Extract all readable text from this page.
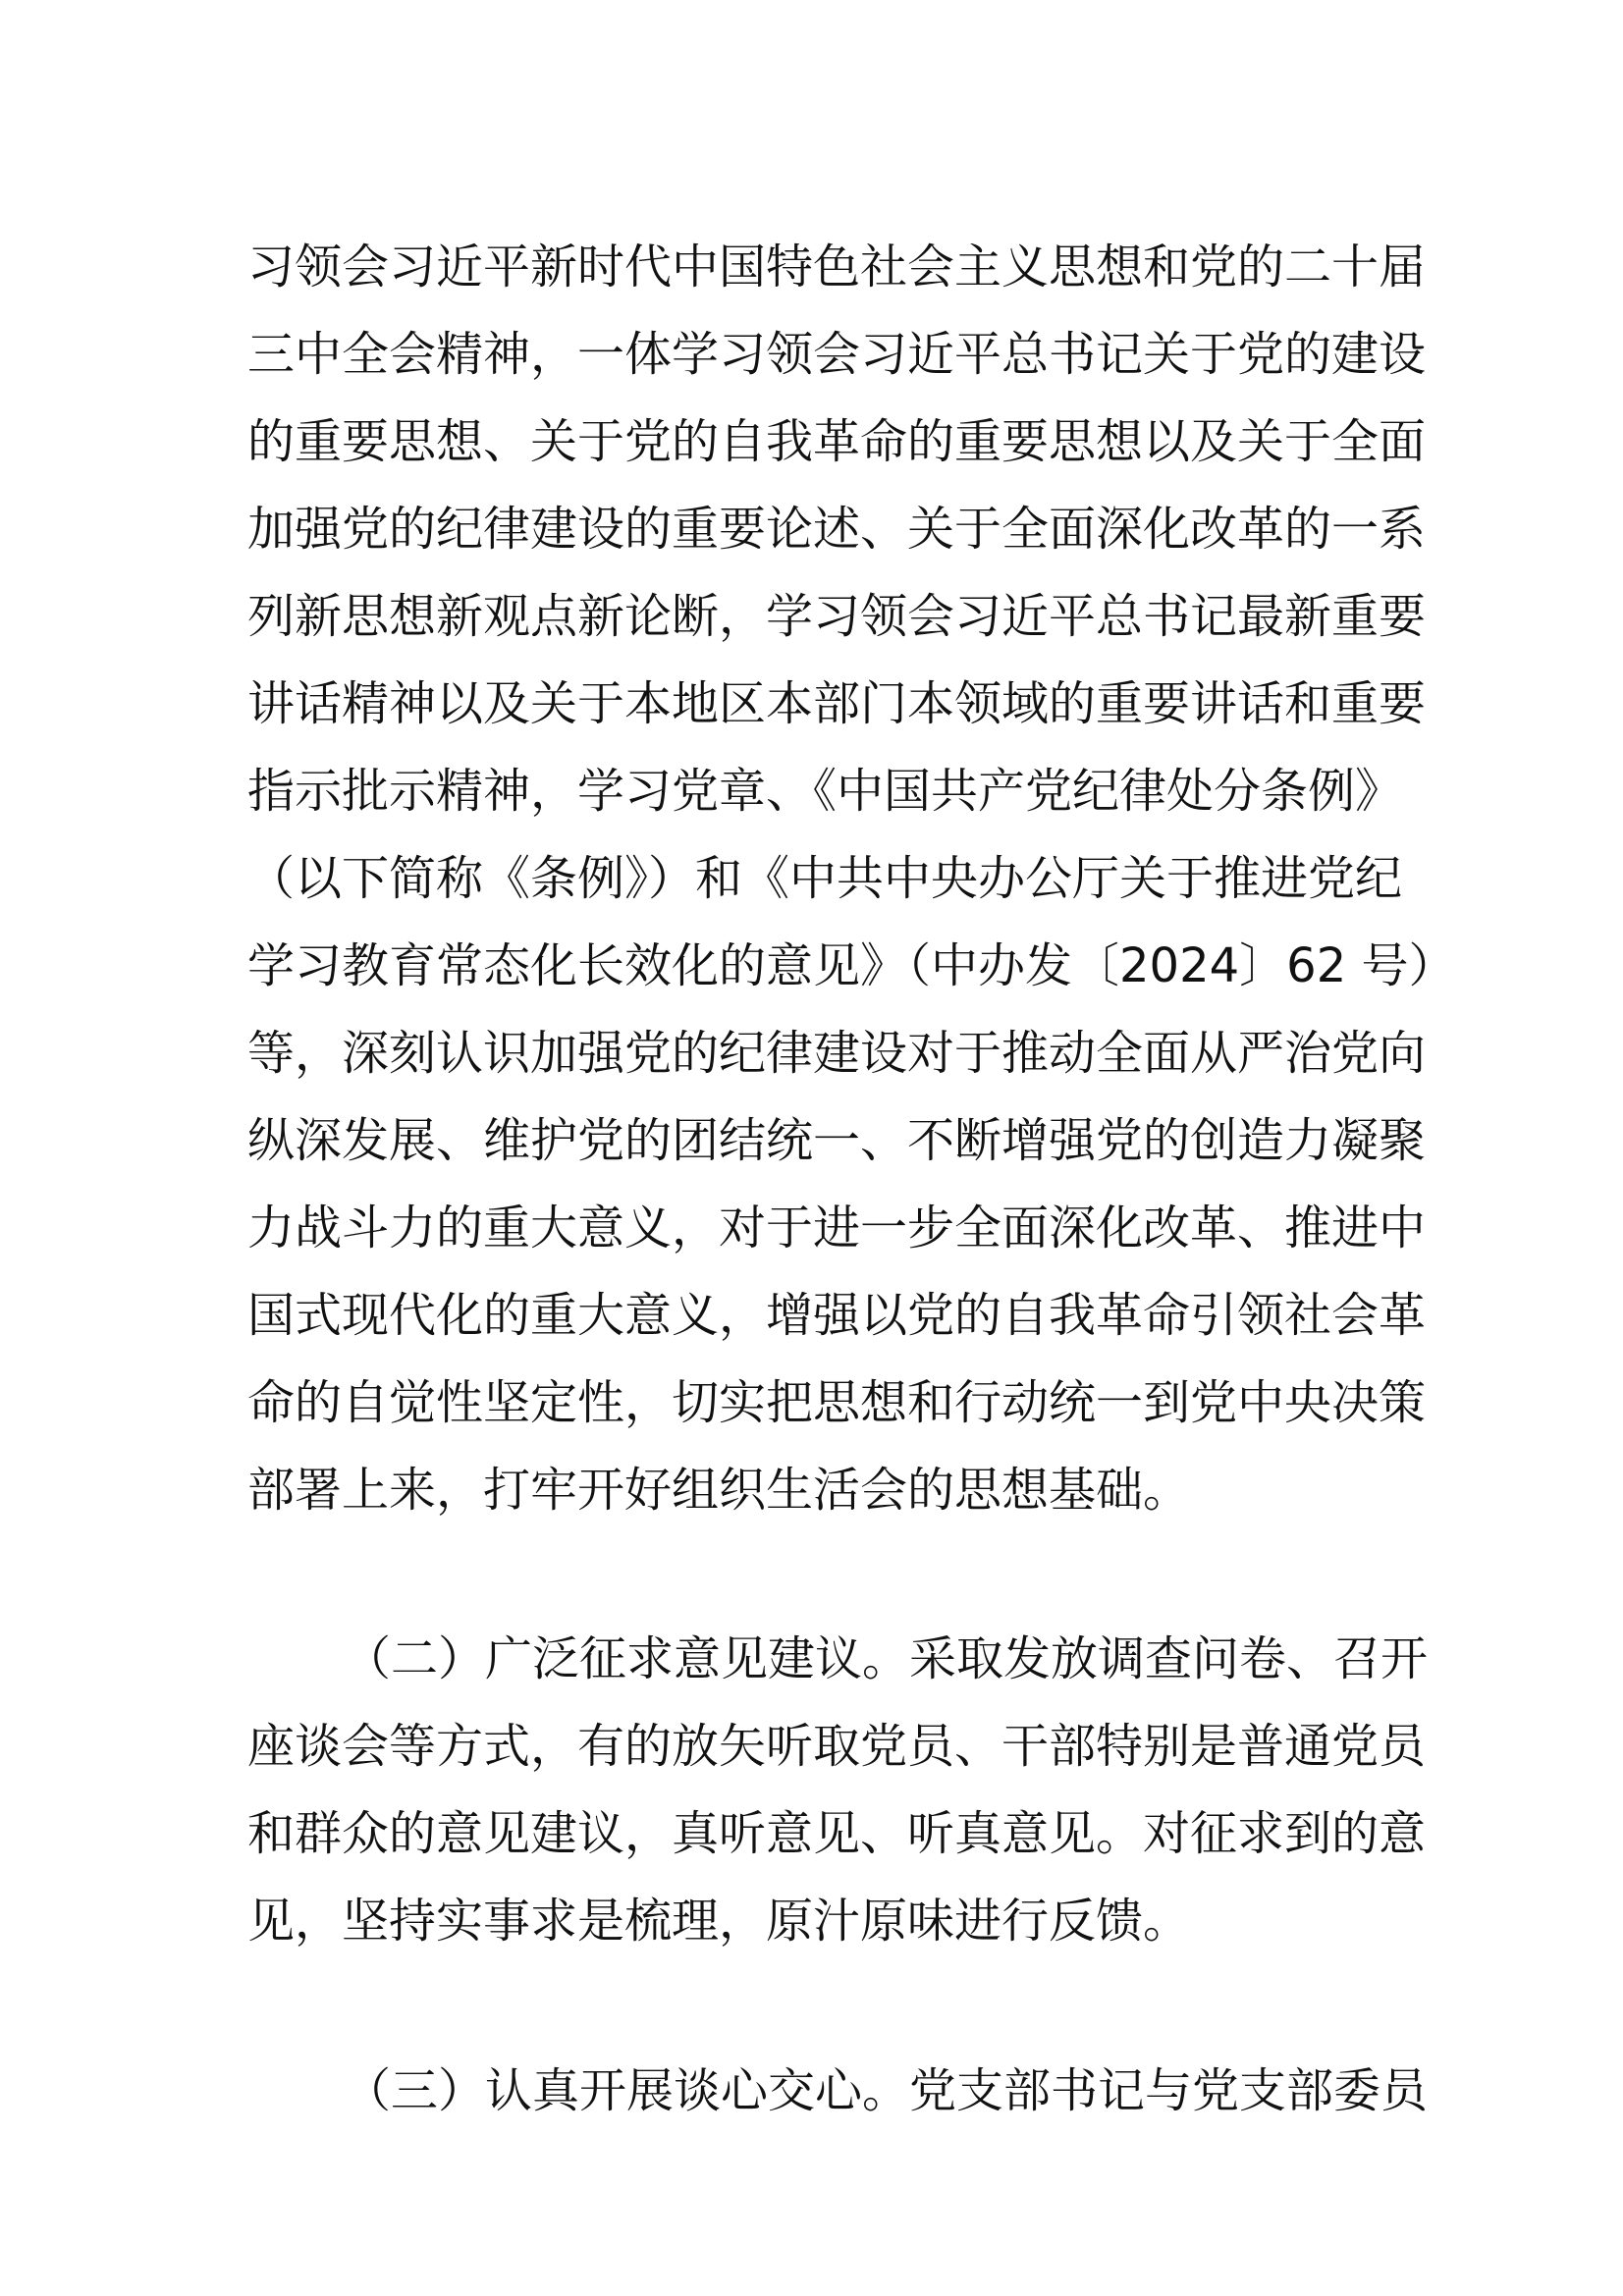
习领会习近平新时代中国特色社会主义思想和党的二十届
三中全会精神，一体学习领会习近平总书记关于党的建设
的重要思想、关于党的自我革命的重要思想以及关于全面
加强党的纪律建设的重要论述、关于全面深化改革的一系
列新思想新观点新论断，学习领会习近平总书记最新重要
讲话精神以及关于本地区本部门本领域的重要讲话和重要
指示批示精神，学习党章、《中国共产党纪律处分条例》
（以下简称《条例》）和《中共中央办公厅关于推进党纪
学习教育常态化长效化的意见》（中办发〔2024〕62 号）
等，深刻认识加强党的纪律建设对于推动全面从严治党向
纵深发展、维护党的团结统一、不断增强党的创造力凝聚
力战斗力的重大意义，对于进一步全面深化改革、推进中
国式现代化的重大意义，增强以党的自我革命引领社会革
命的自觉性坚定性，切实把思想和行动统一到党中央决策
部署上来，打牢开好组织生活会的思想基础。
（二）广泛征求意见建议。采取发放调查问卷、召开
座谈会等方式，有的放矢听取党员、干部特别是普通党员
和群众的意见建议，真听意见、听真意见。对征求到的意
见，坚持实事求是梳理，原汁原味进行反馈。
（三）认真开展谈心交心。党支部书记与党支部委员
